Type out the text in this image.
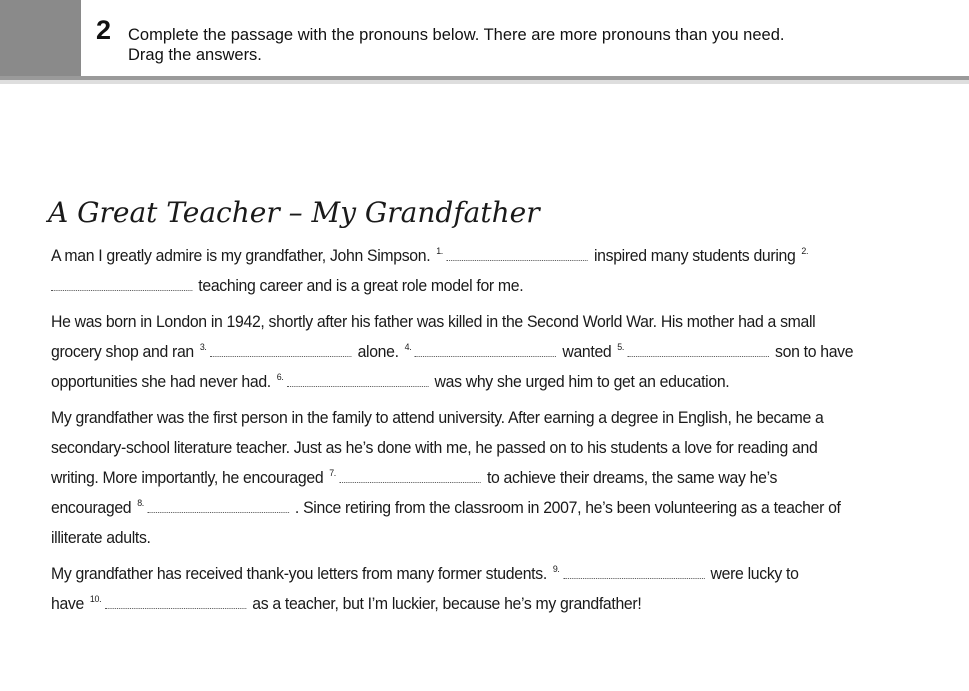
2 Complete the passage with the pronouns below. There are more pronouns than you need.
Drag the answers.
A Great Teacher – My Grandfather
A man I greatly admire is my grandfather, John Simpson. $^{1.}$	inspired many students during $^{2.}$
teaching career and is a great role model for me.
He was born in London in 1942, shortly after his father was killed in the Second World War. His mother had a small
grocery shop and ran $^{3.}$	alone. $^{4.}$	wanted $^{5.}$	son to have
opportunities she had never had. $^{6.}$	was why she urged him to get an education.
My grandfather was the first person in the family to attend university. After earning a degree in English, he became a
secondary-school literature teacher. Just as he’s done with me, he passed on to his students a love for reading and
writing. More importantly, he encouraged $^{7.}$	to achieve their dreams, the same way he’s
encouraged $^{8.}$	. Since retiring from the classroom in 2007, he’s been volunteering as a teacher of
illiterate adults.
My grandfather has received thank-you letters from many former students. $^{9.}$	were lucky to
have $^{10.}$	as a teacher, but I’m luckier, because he’s my grandfather!
